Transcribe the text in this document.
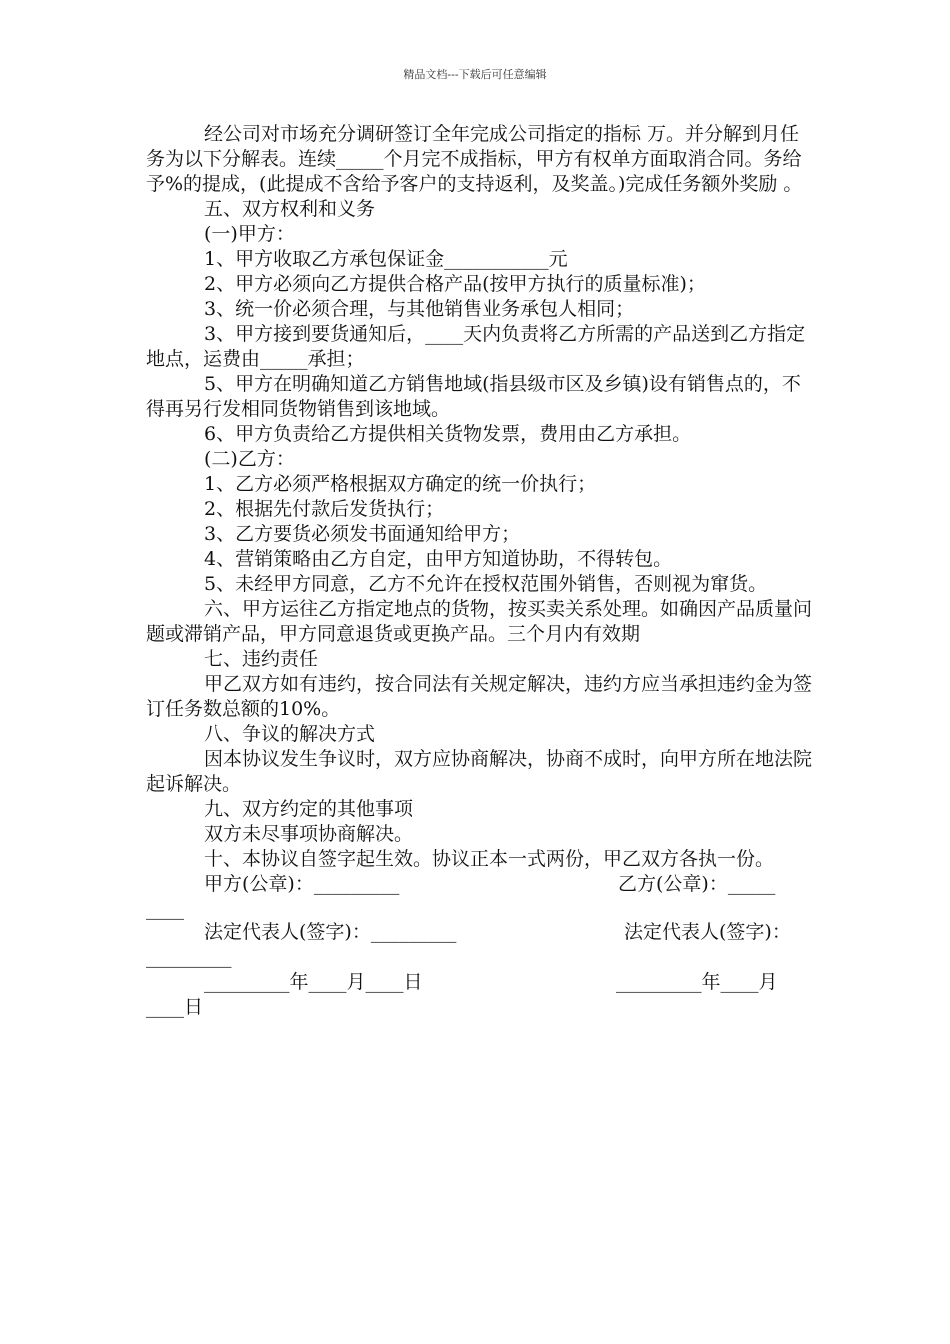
精品文档---下载后可任意编辑

经公司对市场充分调研签订全年完成公司指定的指标 万。并分解到月任务为以下分解表。连续_____个月完不成指标，甲方有权单方面取消合同。务给予%的提成，(此提成不含给予客户的支持返利，及奖盖。)完成任务额外奖励 。

五、双方权利和义务

(一)甲方：

1、甲方收取乙方承包保证金___________元

2、甲方必须向乙方提供合格产品(按甲方执行的质量标准)；

3、统一价必须合理，与其他销售业务承包人相同；

3、甲方接到要货通知后，____天内负责将乙方所需的产品送到乙方指定地点，运费由_____承担；

5、甲方在明确知道乙方销售地域(指县级市区及乡镇)设有销售点的，不得再另行发相同货物销售到该地域。

6、甲方负责给乙方提供相关货物发票，费用由乙方承担。

(二)乙方：

1、乙方必须严格根据双方确定的统一价执行；

2、根据先付款后发货执行；

3、乙方要货必须发书面通知给甲方；

4、营销策略由乙方自定，由甲方知道协助，不得转包。

5、未经甲方同意，乙方不允许在授权范围外销售，否则视为窜货。

六、甲方运往乙方指定地点的货物，按买卖关系处理。如确因产品质量问题或滞销产品，甲方同意退货或更换产品。三个月内有效期

七、违约责任

甲乙双方如有违约，按合同法有关规定解决，违约方应当承担违约金为签订任务数总额的10%。

八、争议的解决方式

因本协议发生争议时，双方应协商解决，协商不成时，向甲方所在地法院起诉解决。

九、双方约定的其他事项

双方未尽事项协商解决。

十、本协议自签字起生效。协议正本一式两份，甲乙双方各执一份。

甲方(公章)：_________	乙方(公章)：_____
____
法定代表人(签字)：_________	法定代表人(签字)：
_________
_________年____月____日	_________年____月
____日
